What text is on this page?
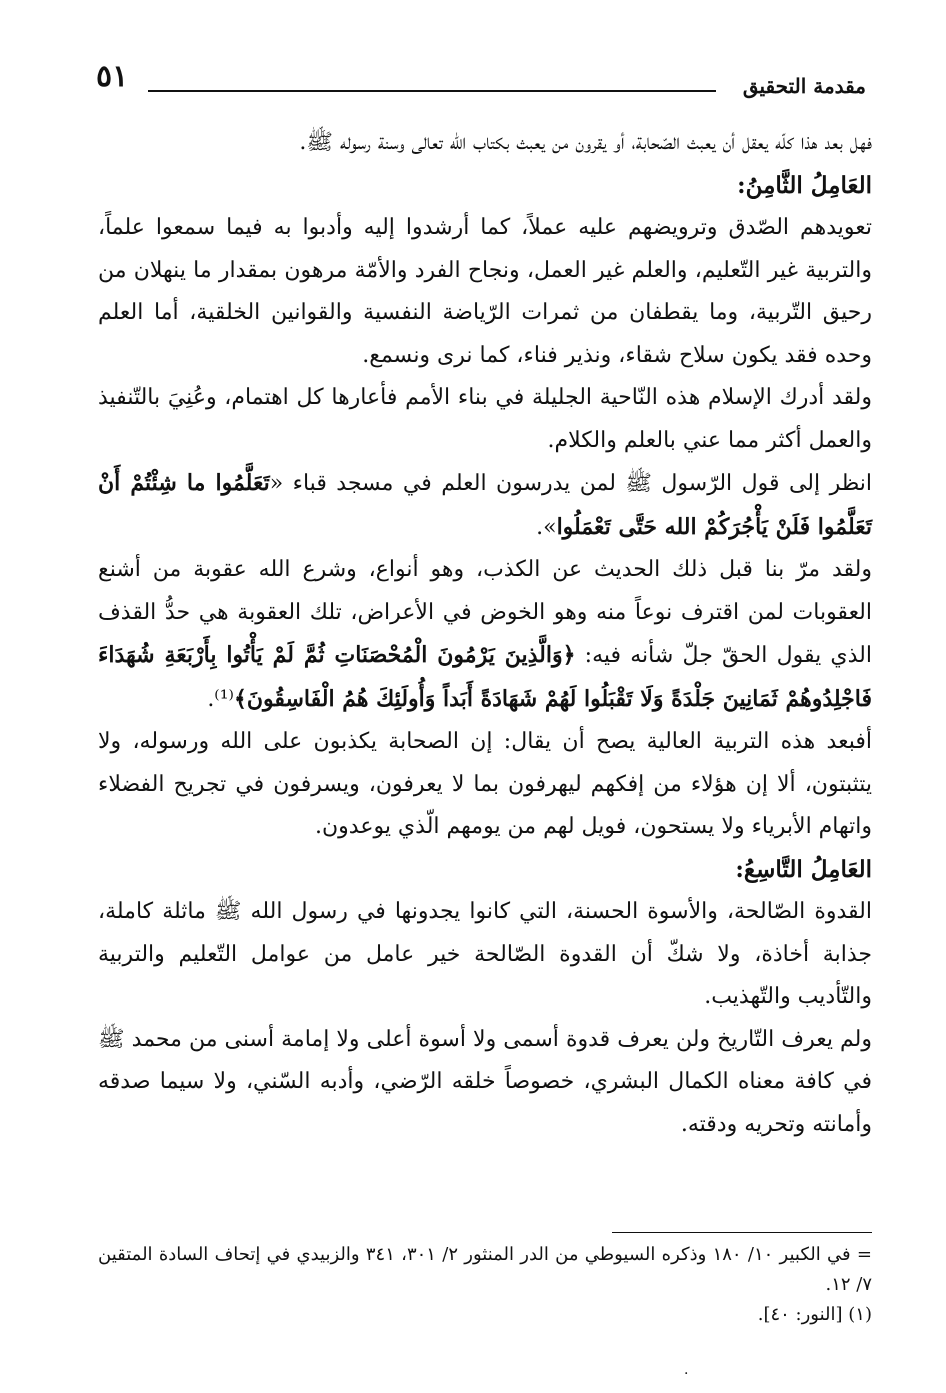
مقدمة التحقيق
٥١

فهل بعد هذا كلّه يعقل أن يعبث الصّحابة، أو يقرون من يعبث بكتاب الله تعالى وسنة رسوله ﷺ.

العَامِلُ الثَّامِنُ:

تعويدهم الصّدق وترويضهم عليه عملاً، كما أرشدوا إليه وأدبوا به فيما سمعوا علماً، والتربية غير التّعليم، والعلم غير العمل، ونجاح الفرد والأمّة مرهون بمقدار ما ينهلان من رحيق التّربية، وما يقطفان من ثمرات الرّياضة النفسية والقوانين الخلقية، أما العلم وحده فقد يكون سلاح شقاء، ونذير فناء، كما نرى ونسمع.

ولقد أدرك الإسلام هذه النّاحية الجليلة في بناء الأمم فأعارها كل اهتمام، وعُنِيَ بالتّنفيذ والعمل أكثر مما عني بالعلم والكلام.

انظر إلى قول الرّسول ﷺ لمن يدرسون العلم في مسجد قباء «تَعَلَّمُوا ما شِئْتُمْ أَنْ تَعَلَّمُوا فَلَنْ يَأْجُرَكُمْ الله حَتَّى تَعْمَلُوا».

ولقد مرّ بنا قبل ذلك الحديث عن الكذب، وهو أنواع، وشرع الله عقوبة من أشنع العقوبات لمن اقترف نوعاً منه وهو الخوض في الأعراض، تلك العقوبة هي حدُّ القذف الذي يقول الحقّ جلّ شأنه فيه: ﴿وَالَّذِينَ يَرْمُونَ الْمُحْصَنَاتِ ثُمَّ لَمْ يَأْتُوا بِأَرْبَعَةِ شُهَدَاءَ فَاجْلِدُوهُمْ ثَمَانِينَ جَلْدَةً وَلَا تَقْبَلُوا لَهُمْ شَهَادَةً أَبَداً وَأُولَئِكَ هُمُ الْفَاسِقُونَ﴾⁽¹⁾.

أفبعد هذه التربية العالية يصح أن يقال: إن الصحابة يكذبون على الله ورسوله، ولا يتثبتون، ألا إن هؤلاء من إفكهم ليهرفون بما لا يعرفون، ويسرفون في تجريح الفضلاء واتهام الأبرياء ولا يستحون، فويل لهم من يومهم الّذي يوعدون.

العَامِلُ التَّاسِعُ:

القدوة الصّالحة، والأسوة الحسنة، التي كانوا يجدونها في رسول الله ﷺ ماثلة كاملة، جذابة أخاذة، ولا شكّ أن القدوة الصّالحة خير عامل من عوامل التّعليم والتربية والتّأديب والتّهذيب.

ولم يعرف التّاريخ ولن يعرف قدوة أسمى ولا أسوة أعلى ولا إمامة أسنى من محمد ﷺ في كافة معناه الكمال البشري، خصوصاً خلقه الرّضي، وأدبه السّني، ولا سيما صدقه وأمانته وتحريه ودقته.

= في الكبير ١٠/ ١٨٠ وذكره السيوطي من الدر المنثور ٢/ ٣٠١، ٣٤١ والزبيدي في إتحاف السادة المتقين ٧/ ١٢.

(١) [النور: ٤٠].

·
